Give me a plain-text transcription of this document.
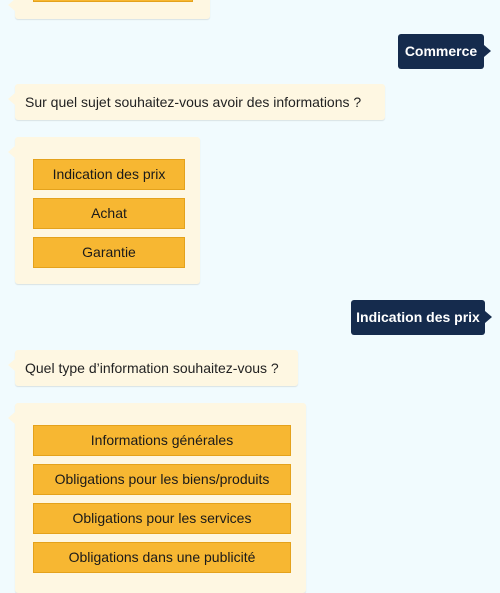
Commerce
Sur quel sujet souhaitez-vous avoir des informations ?
Indication des prix
Achat
Garantie
Indication des prix
Quel type d’information souhaitez-vous ?
Informations générales
Obligations pour les biens/produits
Obligations pour les services
Obligations dans une publicité
